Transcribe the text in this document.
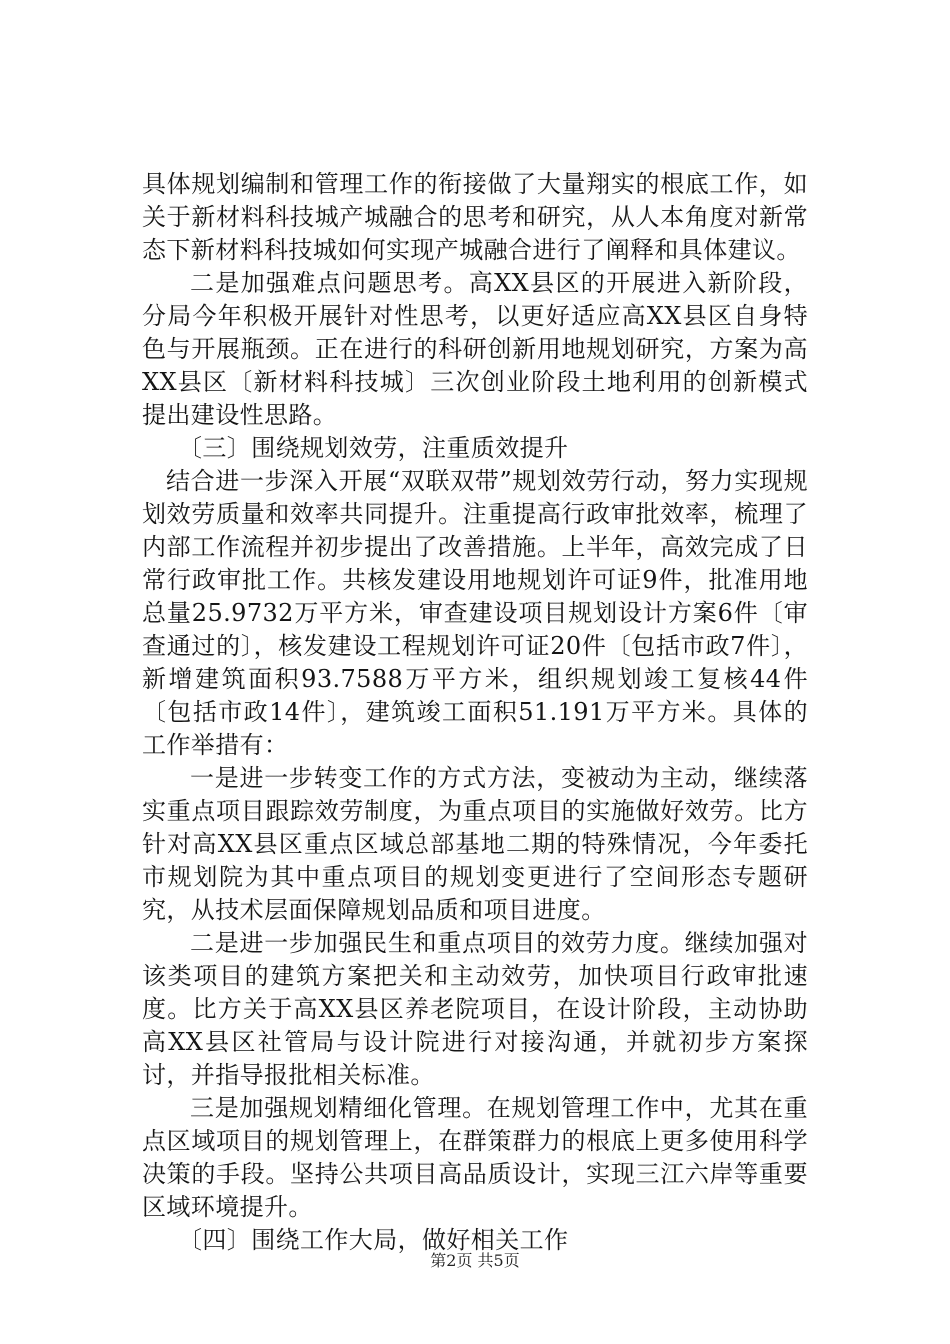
具体规划编制和管理工作的衔接做了大量翔实的根底工作，如关于新材料科技城产城融合的思考和研究，从人本角度对新常态下新材料科技城如何实现产城融合进行了阐释和具体建议。

二是加强难点问题思考。高XX县区的开展进入新阶段，分局今年积极开展针对性思考，以更好适应高XX县区自身特色与开展瓶颈。正在进行的科研创新用地规划研究，方案为高XX县区〔新材料科技城〕三次创业阶段土地利用的创新模式提出建设性思路。

〔三〕围绕规划效劳，注重质效提升

结合进一步深入开展“双联双带”规划效劳行动，努力实现规划效劳质量和效率共同提升。注重提高行政审批效率，梳理了内部工作流程并初步提出了改善措施。上半年，高效完成了日常行政审批工作。共核发建设用地规划许可证9件，批准用地总量25.9732万平方米，审查建设项目规划设计方案6件〔审查通过的〕，核发建设工程规划许可证20件〔包括市政7件〕，新增建筑面积93.7588万平方米，组织规划竣工复核44件〔包括市政14件〕，建筑竣工面积51.191万平方米。具体的工作举措有：

一是进一步转变工作的方式方法，变被动为主动，继续落实重点项目跟踪效劳制度，为重点项目的实施做好效劳。比方针对高XX县区重点区域总部基地二期的特殊情况，今年委托市规划院为其中重点项目的规划变更进行了空间形态专题研究，从技术层面保障规划品质和项目进度。

二是进一步加强民生和重点项目的效劳力度。继续加强对该类项目的建筑方案把关和主动效劳，加快项目行政审批速度。比方关于高XX县区养老院项目，在设计阶段，主动协助高XX县区社管局与设计院进行对接沟通，并就初步方案探讨，并指导报批相关标准。

三是加强规划精细化管理。在规划管理工作中，尤其在重点区域项目的规划管理上，在群策群力的根底上更多使用科学决策的手段。坚持公共项目高品质设计，实现三江六岸等重要区域环境提升。

〔四〕围绕工作大局，做好相关工作

第2页 共5页
